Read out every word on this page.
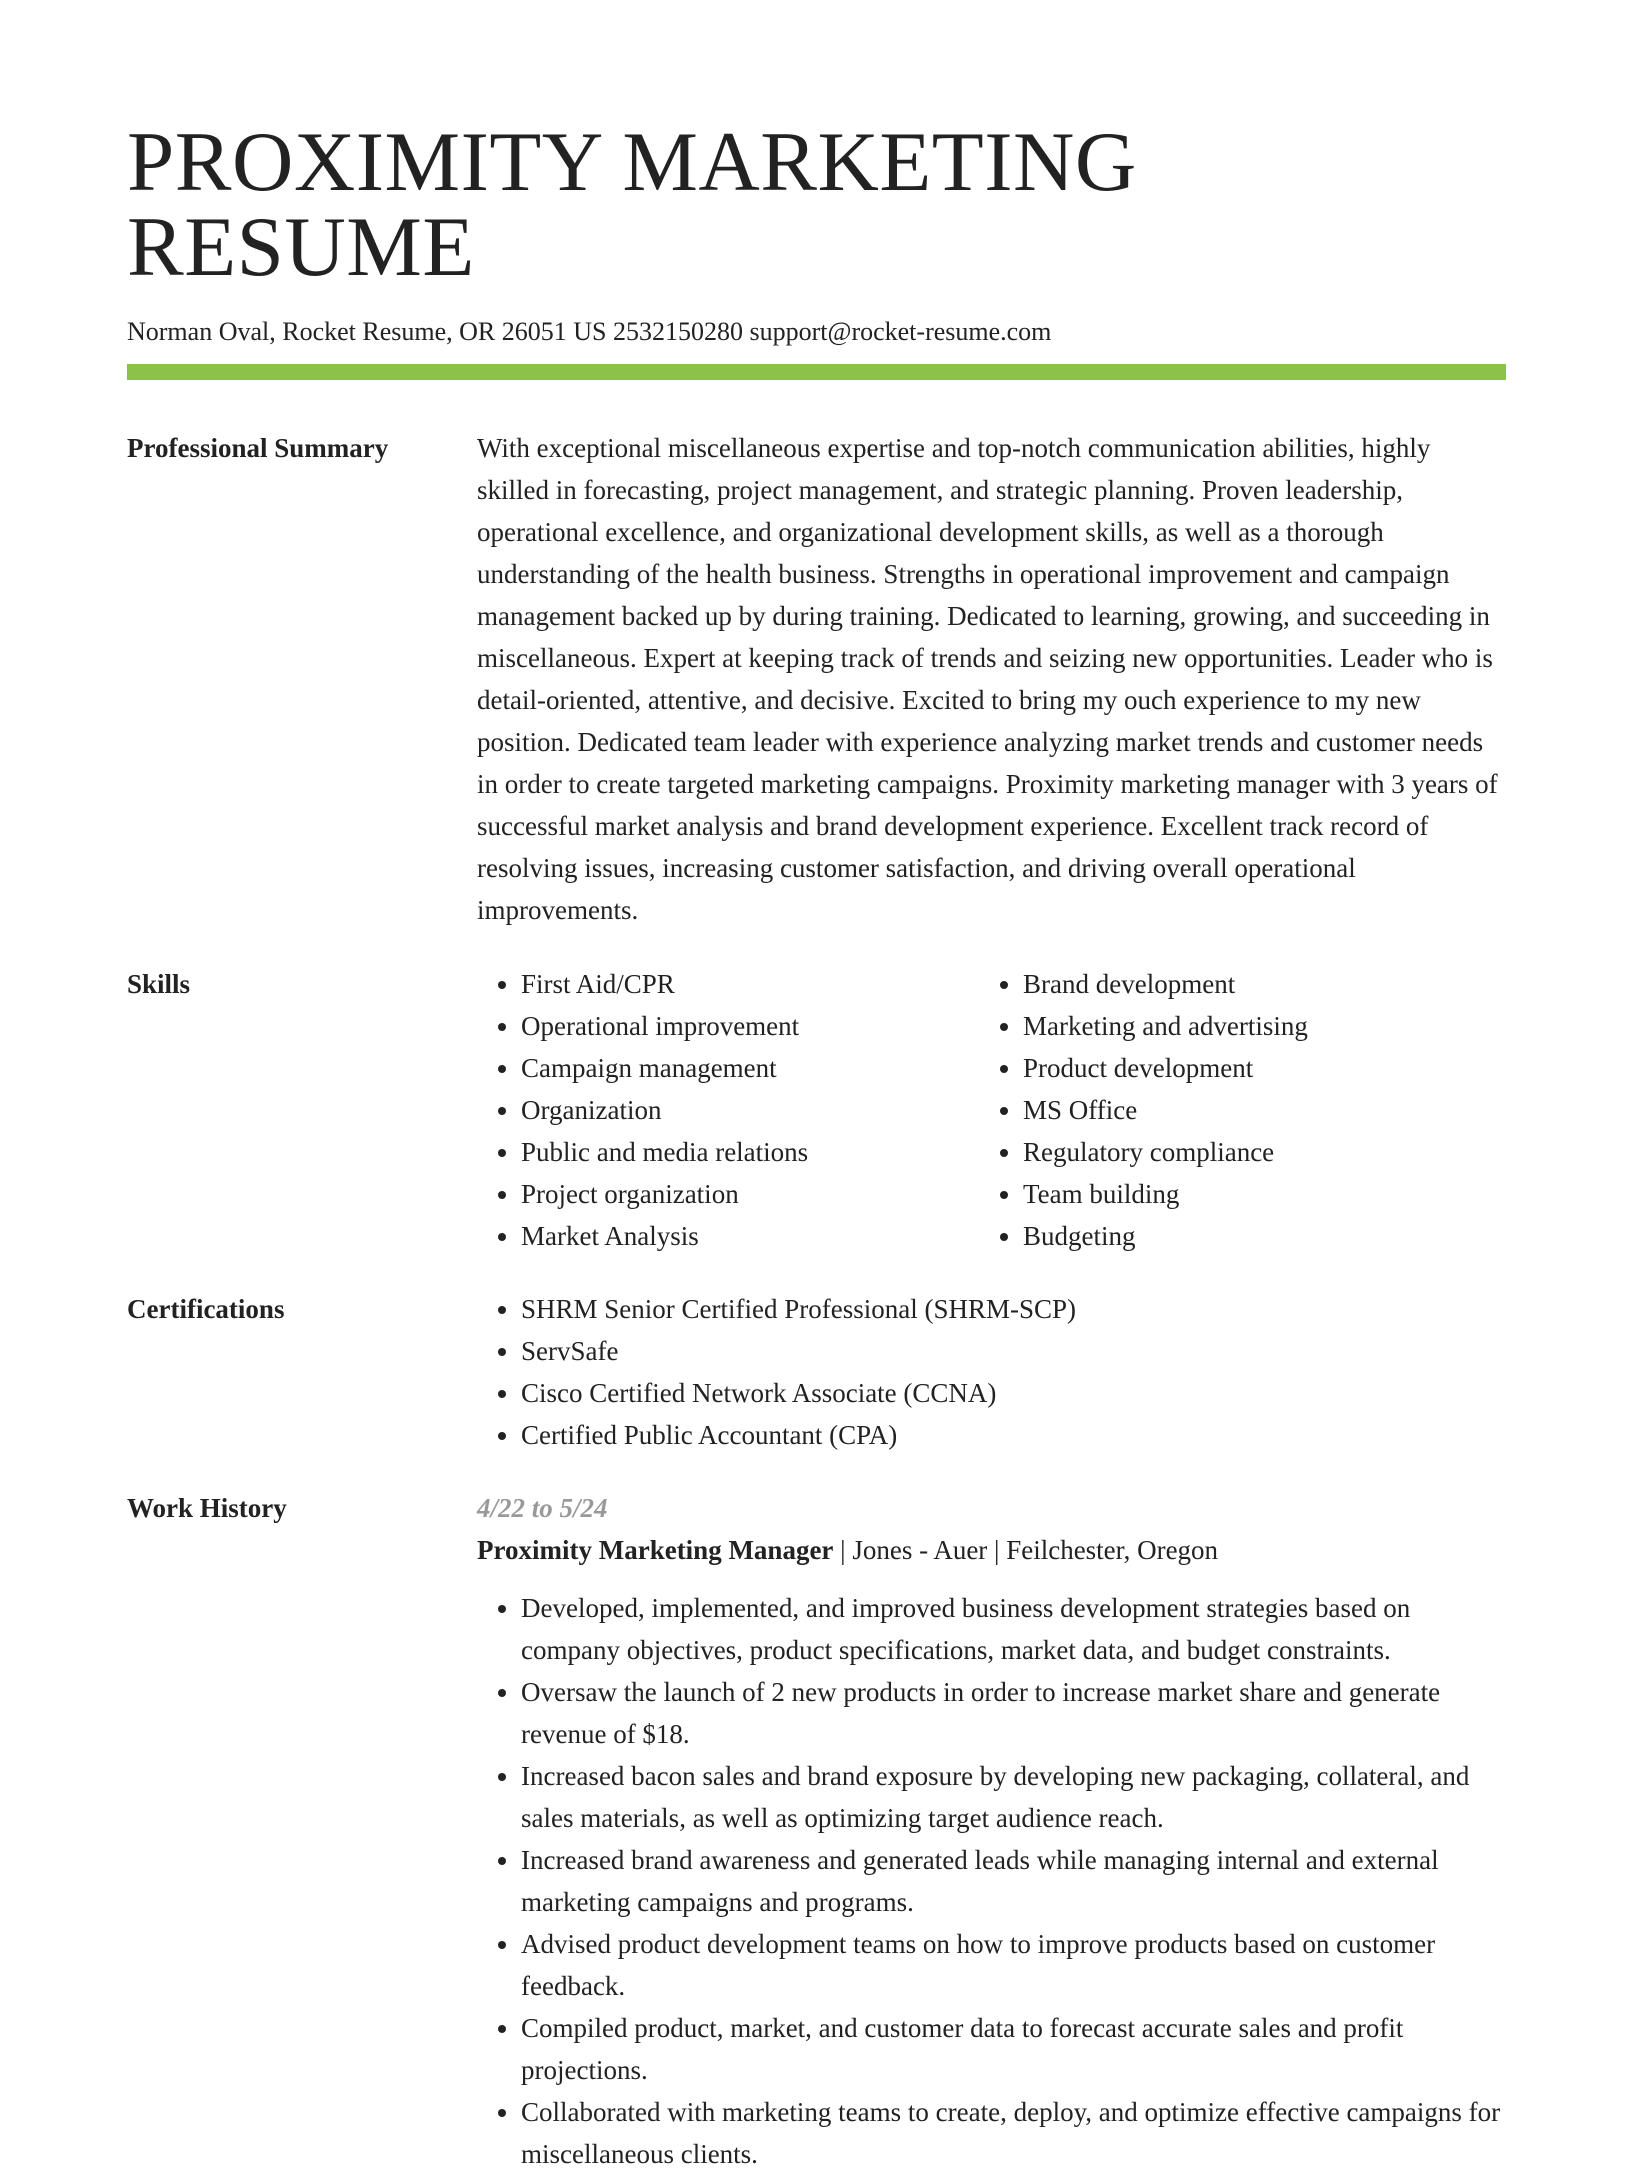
PROXIMITY MARKETING RESUME
Norman Oval, Rocket Resume, OR 26051 US 2532150280 support@rocket-resume.com
Professional Summary	With exceptional miscellaneous expertise and top-notch communication abilities, highly skilled in forecasting, project management, and strategic planning. Proven leadership, operational excellence, and organizational development skills, as well as a thorough understanding of the health business. Strengths in operational improvement and campaign management backed up by during training. Dedicated to learning, growing, and succeeding in miscellaneous. Expert at keeping track of trends and seizing new opportunities. Leader who is detail-oriented, attentive, and decisive. Excited to bring my ouch experience to my new position. Dedicated team leader with experience analyzing market trends and customer needs in order to create targeted marketing campaigns. Proximity marketing manager with 3 years of successful market analysis and brand development experience. Excellent track record of resolving issues, increasing customer satisfaction, and driving overall operational improvements.

Skills	• First Aid/CPR
• Operational improvement
• Campaign management
• Organization
• Public and media relations
• Project organization
• Market Analysis
• Brand development
• Marketing and advertising
• Product development
• MS Office
• Regulatory compliance
• Team building
• Budgeting
Certifications	• SHRM Senior Certified Professional (SHRM-SCP)
• ServSafe
• Cisco Certified Network Associate (CCNA)
• Certified Public Accountant (CPA)
Work History	4/22 to 5/24
Proximity Marketing Manager | Jones - Auer | Feilchester, Oregon
• Developed, implemented, and improved business development strategies based on company objectives, product specifications, market data, and budget constraints.
• Oversaw the launch of 2 new products in order to increase market share and generate revenue of $18.
• Increased bacon sales and brand exposure by developing new packaging, collateral, and sales materials, as well as optimizing target audience reach.
• Increased brand awareness and generated leads while managing internal and external marketing campaigns and programs.
• Advised product development teams on how to improve products based on customer feedback.
• Compiled product, market, and customer data to forecast accurate sales and profit projections.
• Collaborated with marketing teams to create, deploy, and optimize effective campaigns for miscellaneous clients.
